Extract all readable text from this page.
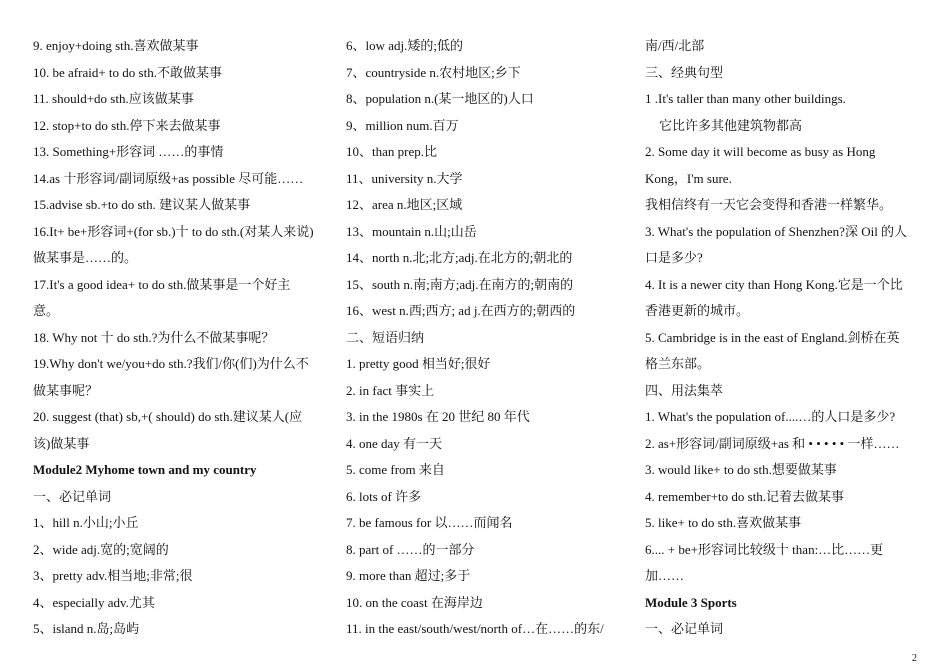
9. enjoy+doing sth.喜欢做某事
10. be afraid+ to do sth.不敢做某事
11. should+do sth.应该做某事
12. stop+to do sth.停下来去做某事
13. Something+形容词 ……的事情
14.as 十形容词/副词原级+as possible 尽可能……
15.advise sb.+to do sth. 建议某人做某事
16.It+ be+形容词+(for sb.)十 to do sth.(对某人来说)
做某事是……的。
17.It's a good idea+ to do sth.做某事是一个好主
意。
18. Why not 十 do sth.?为什么不做某事呢？
19.Why don't we/you+do sth.?我们/你(们)为什么不
做某事呢？
20. suggest (that) sb,+( should) do sth.建议某人(应
该)做某事
Module2 Myhome town and my country
一、必记单词
1、hill n.小山;小丘
2、wide adj.宽的;宽阔的
3、pretty adv.相当地;非常;很
4、especially adv.尤其
5、island n.岛;岛屿
6、low adj.矮的;低的
7、countryside n.农村地区;乡下
8、population n.(某一地区的)人口
9、million num.百万
10、than prep.比
11、university n.大学
12、area n.地区;区域
13、mountain n.山;山岳
14、north n.北;北方;adj.在北方的;朝北的
15、south n.南;南方;adj.在南方的;朝南的
16、west n.西;西方; ad j.在西方的;朝西的
二、短语归纳
1. pretty good 相当好;很好
2. in fact 事实上
3. in the 1980s 在 20 世纪 80 年代
4. one day 有一天
5. come from 来自
6. lots of 许多
7. be famous for 以……而闻名
8. part of ……的一部分
9. more than 超过;多于
10. on the coast 在海岸边
11. in the east/south/west/north of…在……的东/
南/西/北部
三、经典句型
1 .It's taller than many other buildings.
它比许多其他建筑物都高
2. Some day it will become as busy as Hong
Kong，I'm sure.
我相信终有一天它会变得和香港一样繁华。
3. What's the population of Shenzhen?深 Oil 的人
口是多少?
4. It is a newer city than Hong Kong.它是一个比
香港更新的城市。
5. Cambridge is in the east of England.剑桥在英
格兰东部。
四、用法集萃
1. What's the population of....…的人口是多少?
2. as+形容词/副词原级+as 和 • • • • • 一样……
3. would like+ to do sth.想要做某事
4. remember+to do sth.记着去做某事
5. like+ to do sth.喜欢做某事
6.... + be+形容词比较级十 than:…比……更
加……
Module 3 Sports
一、必记单词
2
